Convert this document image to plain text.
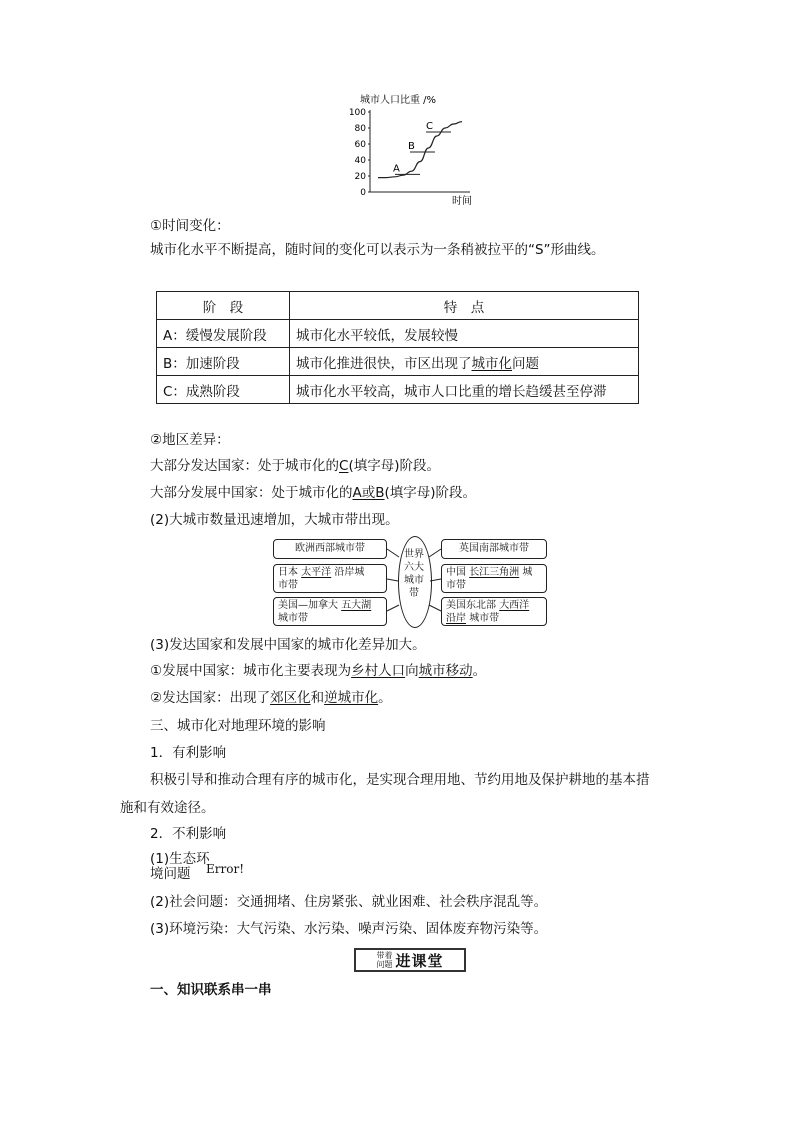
城市人口比重 /%
100
80
60
40
20
0
A
B
C
时间
①时间变化：
城市化水平不断提高，随时间的变化可以表示为一条稍被拉平的“S”形曲线。
阶　段	特　点
A：缓慢发展阶段	城市化水平较低，发展较慢
B：加速阶段	城市化推进很快，市区出现了城市化问题
C：成熟阶段	城市化水平较高，城市人口比重的增长趋缓甚至停滞
②地区差异：
大部分发达国家：处于城市化的C(填字母)阶段。
大部分发展中国家：处于城市化的A或B(填字母)阶段。
(2)大城市数量迅速增加，大城市带出现。
欧洲西部城市带
日本 太平洋 沿岸城
市带
美国—加拿大 五大湖
城市带
世界
六大
城市
带
英国南部城市带
中国 长江三角洲 城
市带
美国东北部 大西洋
沿岸 城市带
(3)发达国家和发展中国家的城市化差异加大。
①发展中国家：城市化主要表现为乡村人口向城市移动。
②发达国家：出现了郊区化和逆城市化。
三、城市化对地理环境的影响
1．有利影响
积极引导和推动合理有序的城市化，是实现合理用地、节约用地及保护耕地的基本措
施和有效途径。
2．不利影响
(1)生态环
境问题	Error!
(2)社会问题：交通拥堵、住房紧张、就业困难、社会秩序混乱等。
(3)环境污染：大气污染、水污染、噪声污染、固体废弃物污染等。
带着
问题 进课堂
一、知识联系串一串
